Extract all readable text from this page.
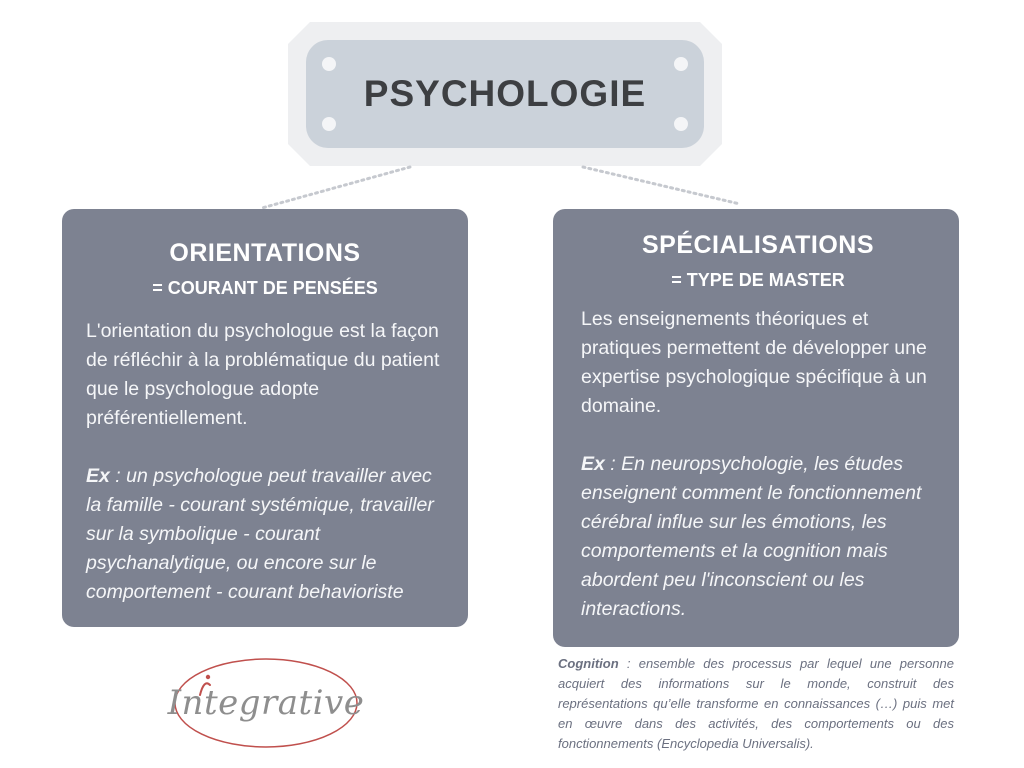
PSYCHOLOGIE
ORIENTATIONS
= COURANT DE PENSÉES
L'orientation du psychologue est la façon de réfléchir à la problématique du patient que le psychologue adopte préférentiellement.
Ex : un psychologue peut travailler avec la famille - courant systémique, travailler sur la symbolique - courant psychanalytique, ou encore sur le comportement - courant behavioriste
SPÉCIALISATIONS
= TYPE DE MASTER
Les enseignements théoriques et pratiques permettent de développer une expertise psychologique spécifique à un domaine.
Ex : En neuropsychologie, les études enseignent comment le fonctionnement cérébral influe sur les émotions, les comportements et la cognition mais abordent peu l'inconscient ou les interactions.
Cognition : ensemble des processus par lequel une personne acquiert des informations sur le monde, construit des représentations qu’elle transforme en connaissances (…) puis met en œuvre dans des activités, des comportements ou des fonctionnements (Encyclopedia Universalis).
Integrative
